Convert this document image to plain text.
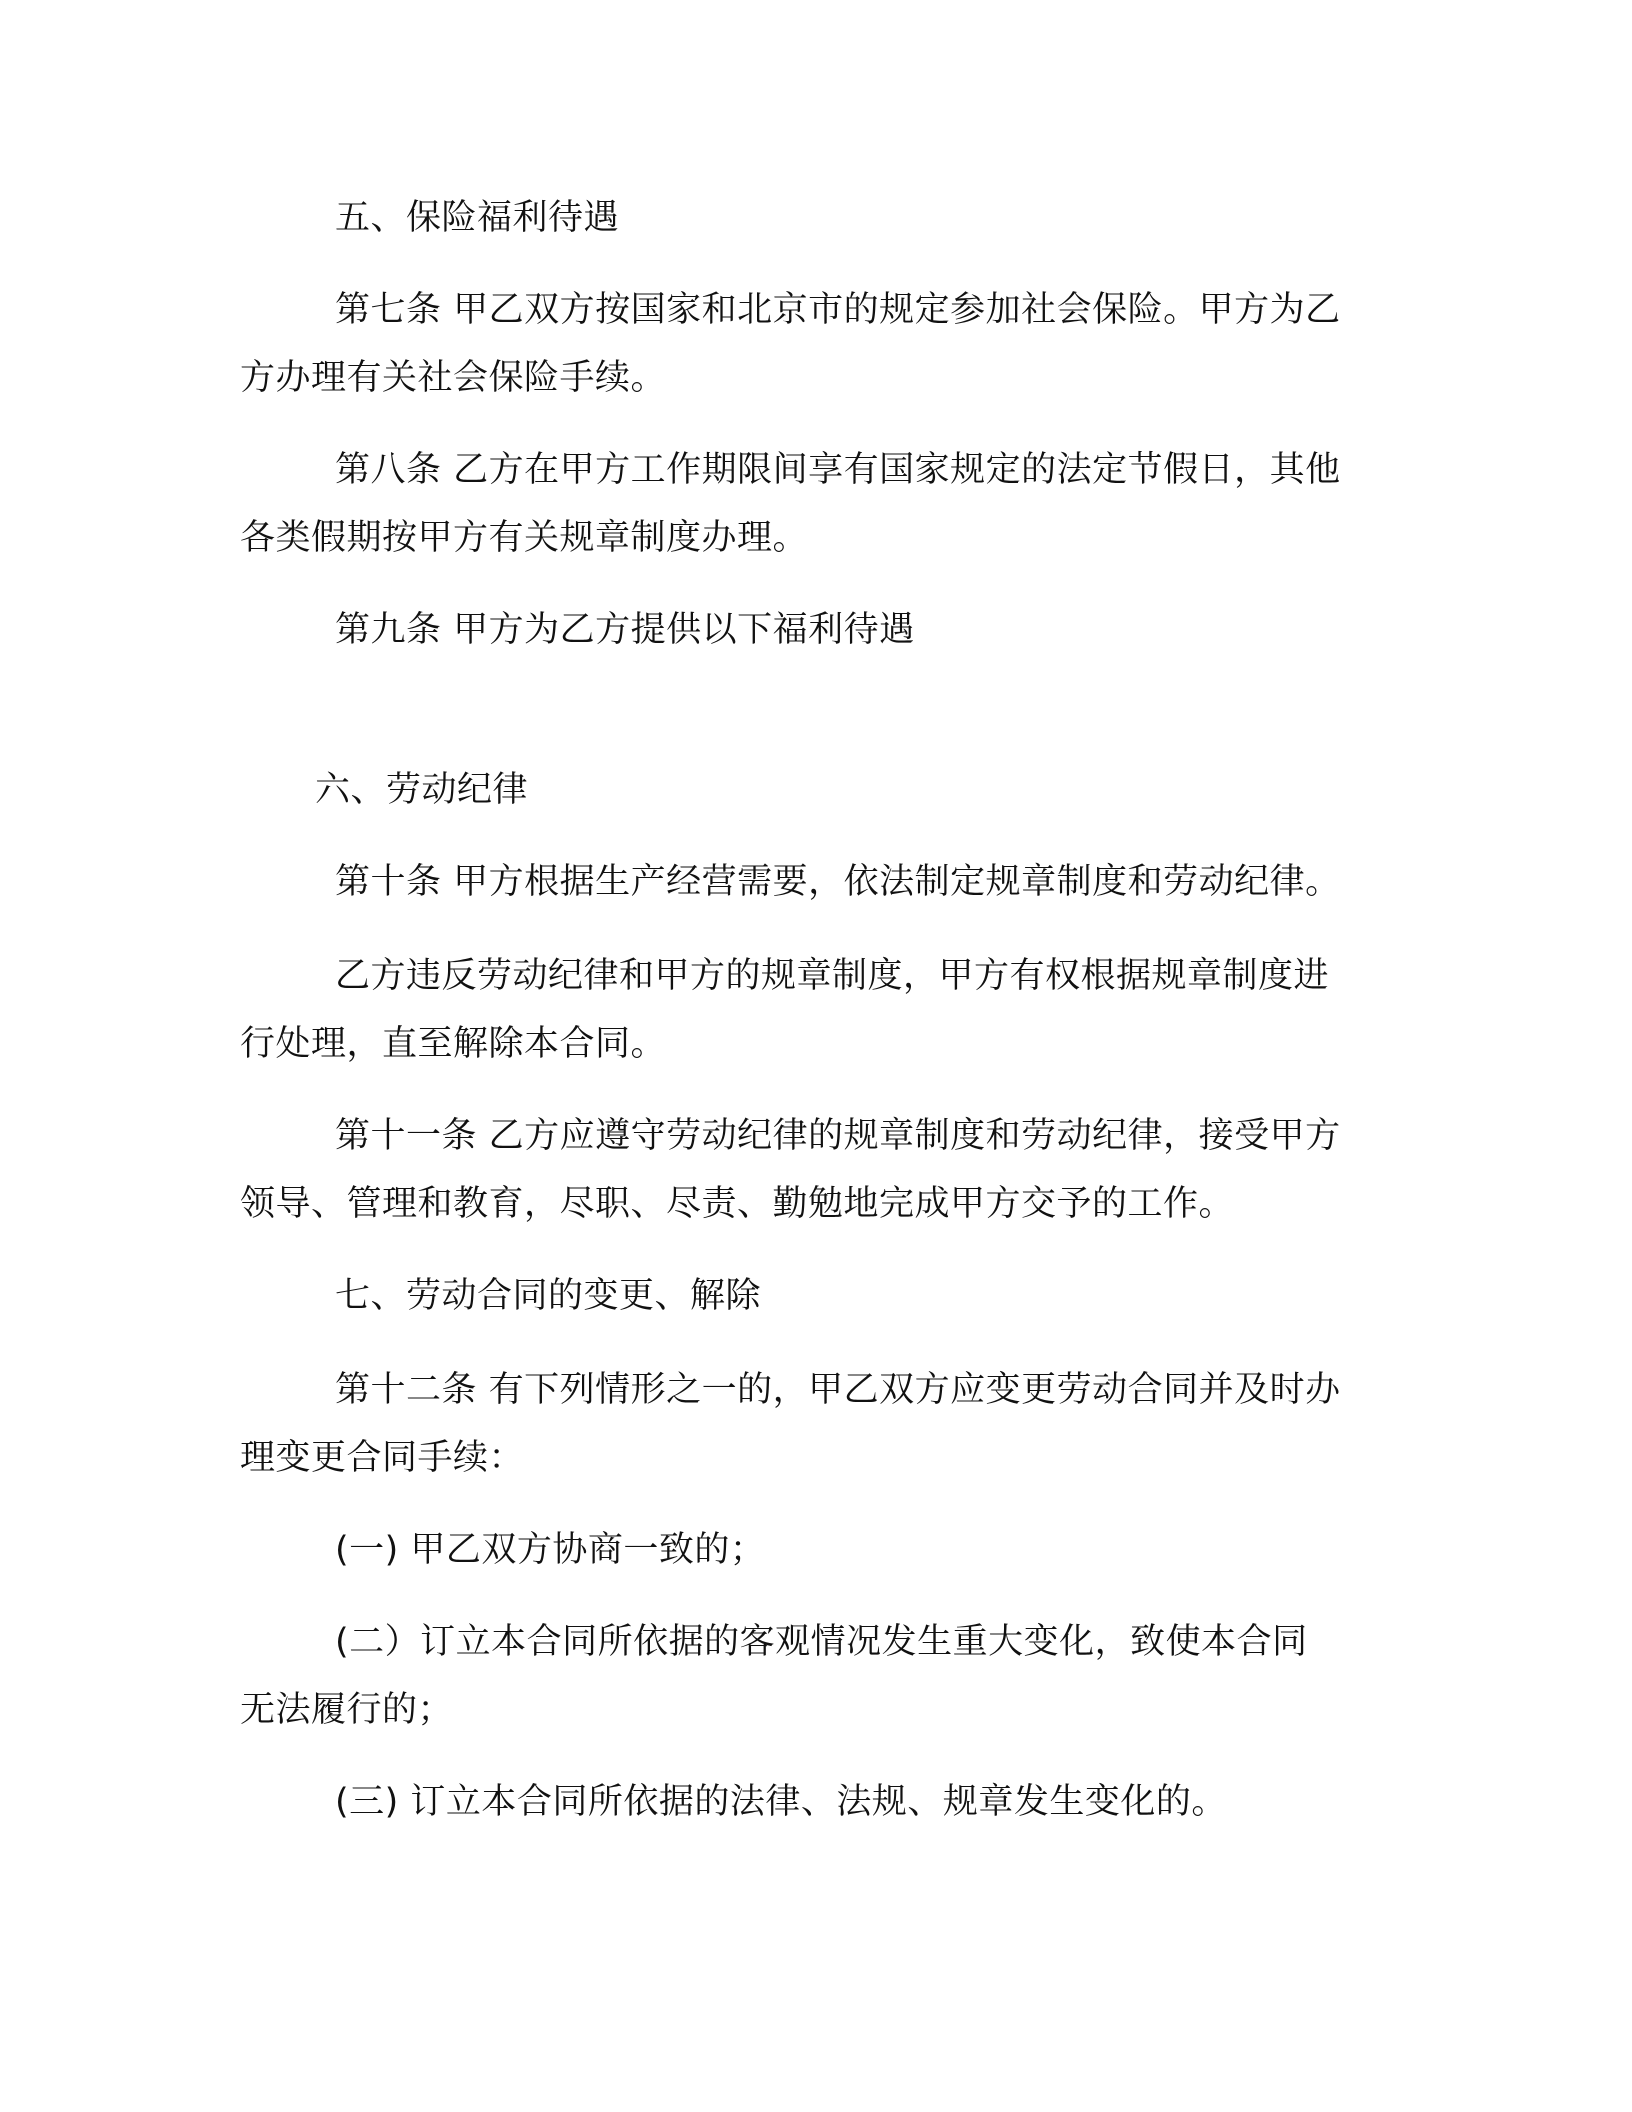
五、保险福利待遇
第七条 甲乙双方按国家和北京市的规定参加社会保险。甲方为乙
方办理有关社会保险手续。
第八条 乙方在甲方工作期限间享有国家规定的法定节假日，其他
各类假期按甲方有关规章制度办理。
第九条 甲方为乙方提供以下福利待遇
六、劳动纪律
第十条 甲方根据生产经营需要，依法制定规章制度和劳动纪律。
乙方违反劳动纪律和甲方的规章制度，甲方有权根据规章制度进
行处理，直至解除本合同。
第十一条 乙方应遵守劳动纪律的规章制度和劳动纪律，接受甲方
领导、管理和教育，尽职、尽责、勤勉地完成甲方交予的工作。
七、劳动合同的变更、解除
第十二条 有下列情形之一的，甲乙双方应变更劳动合同并及时办
理变更合同手续：
(一) 甲乙双方协商一致的；
(二）订立本合同所依据的客观情况发生重大变化，致使本合同
无法履行的；
(三) 订立本合同所依据的法律、法规、规章发生变化的。
